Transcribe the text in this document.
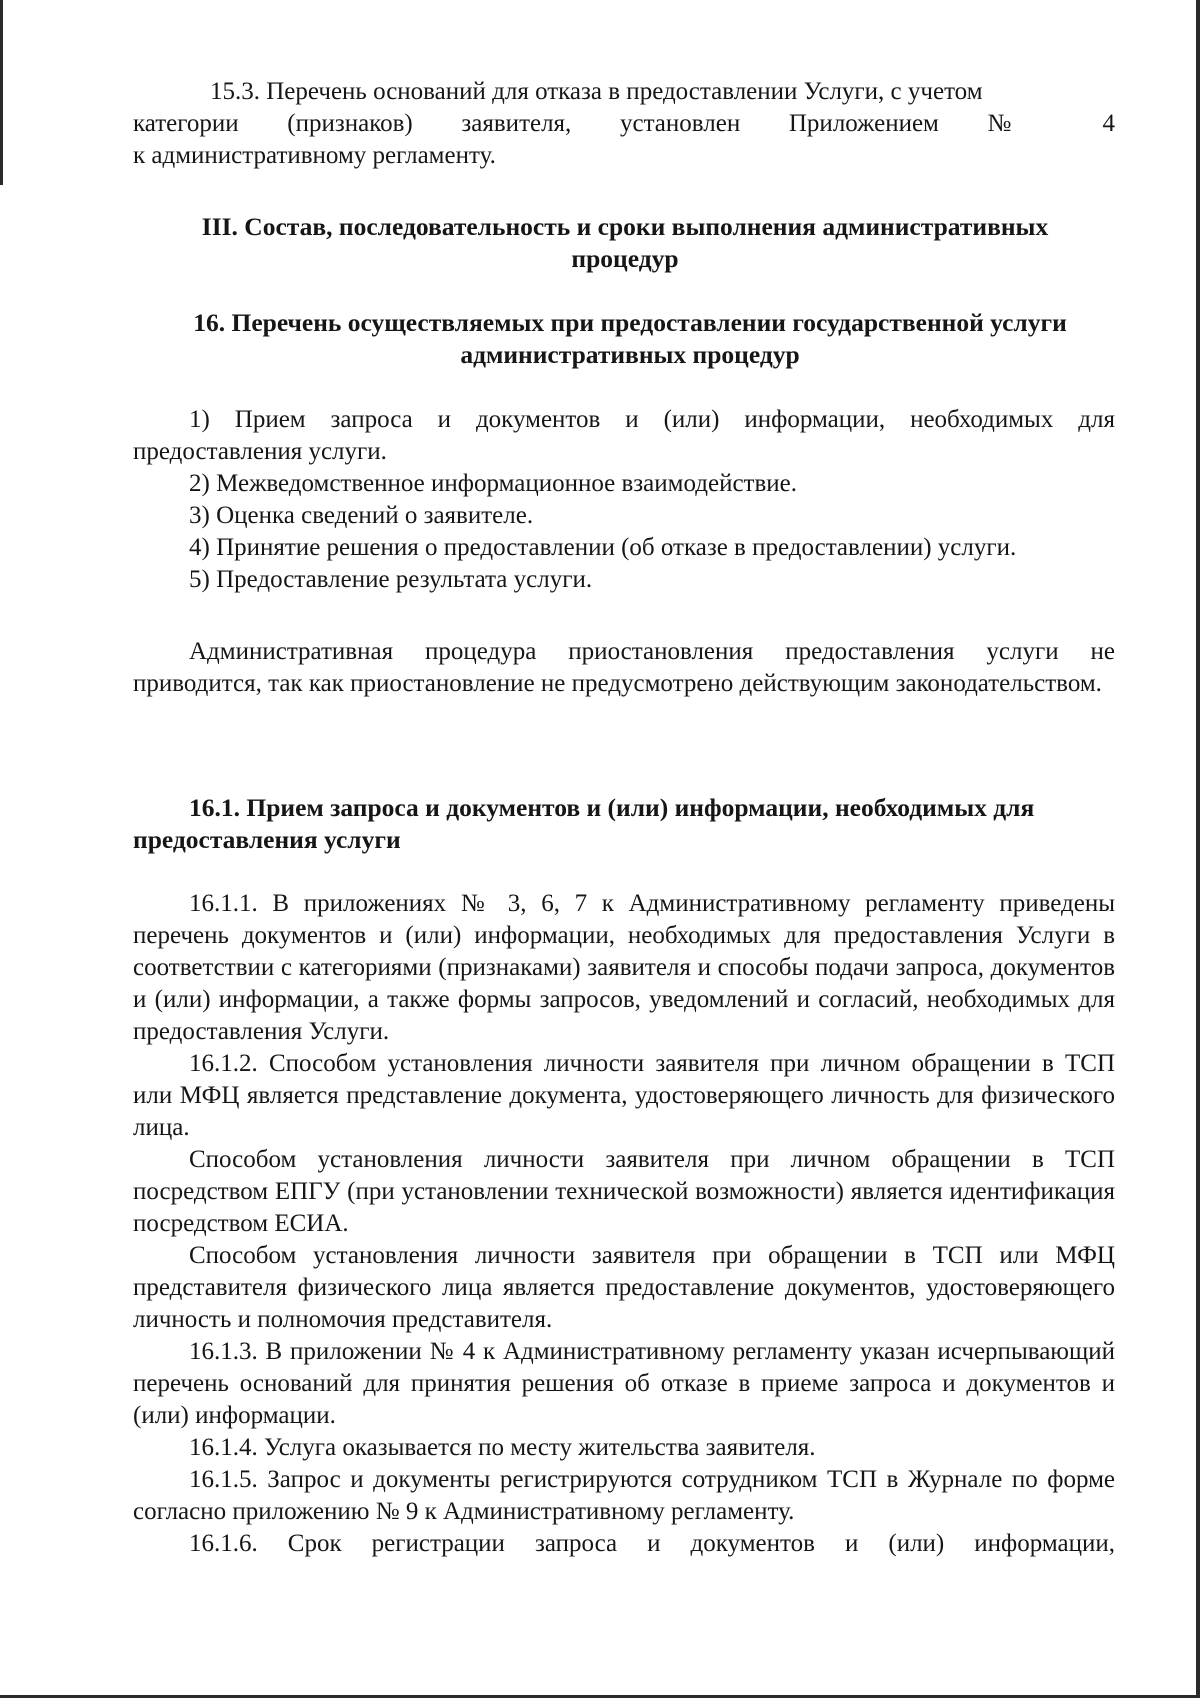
15.3. Перечень оснований для отказа в предоставлении Услуги, с учетом
категории (признаков) заявителя, установлен Приложением № 4
к административному регламенту.
III. Состав, последовательность и сроки выполнения административных процедур
16. Перечень осуществляемых при предоставлении государственной услуги административных процедур
1) Прием запроса и документов и (или) информации, необходимых для предоставления услуги.
2) Межведомственное информационное взаимодействие.
3) Оценка сведений о заявителе.
4) Принятие решения о предоставлении (об отказе в предоставлении) услуги.
5) Предоставление результата услуги.
Административная процедура приостановления предоставления услуги не приводится, так как приостановление не предусмотрено действующим законодательством.
16.1. Прием запроса и документов и (или) информации, необходимых для предоставления услуги
16.1.1. В приложениях № 3, 6, 7 к Административному регламенту приведены перечень документов и (или) информации, необходимых для предоставления Услуги в соответствии с категориями (признаками) заявителя и способы подачи запроса, документов и (или) информации, а также формы запросов, уведомлений и согласий, необходимых для предоставления Услуги.
16.1.2. Способом установления личности заявителя при личном обращении в ТСП или МФЦ является представление документа, удостоверяющего личность для физического лица.
Способом установления личности заявителя при личном обращении в ТСП посредством ЕПГУ (при установлении технической возможности) является идентификация посредством ЕСИА.
Способом установления личности заявителя при обращении в ТСП или МФЦ представителя физического лица является предоставление документов, удостоверяющего личность и полномочия представителя.
16.1.3. В приложении № 4 к Административному регламенту указан исчерпывающий перечень оснований для принятия решения об отказе в приеме запроса и документов и (или) информации.
16.1.4. Услуга оказывается по месту жительства заявителя.
16.1.5. Запрос и документы регистрируются сотрудником ТСП в Журнале по форме согласно приложению № 9 к Административному регламенту.
16.1.6. Срок регистрации запроса и документов и (или) информации,
